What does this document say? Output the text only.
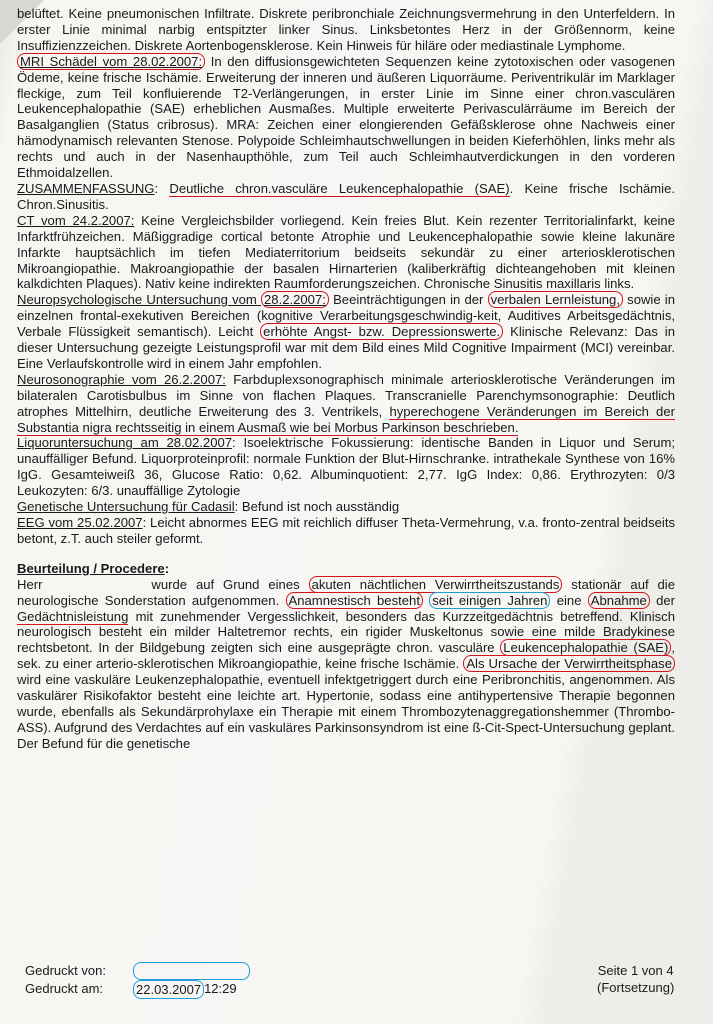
belüftet. Keine pneumonischen Infiltrate. Diskrete peribronchiale Zeichnungsvermehrung in den Unterfeldern. In erster Linie minimal narbig entspitzter linker Sinus. Linksbetontes Herz in der Größennorm, keine Insuffizienzzeichen. Diskrete Aortenbogensklerose. Kein Hinweis für hiläre oder mediastinale Lymphome.

MRI Schädel vom 28.02.2007: In den diffusionsgewichteten Sequenzen keine zytotoxischen oder vasogenen Ödeme, keine frische Ischämie. Erweiterung der inneren und äußeren Liquorräume. Periventrikulär im Marklager fleckige, zum Teil konfluierende T2-Verlängerungen, in erster Linie im Sinne einer chron.vasculären Leukencephalopathie (SAE) erheblichen Ausmaßes. Multiple erweiterte Perivasculärräume im Bereich der Basalganglien (Status cribrosus). MRA: Zeichen einer elongierenden Gefäßsklerose ohne Nachweis einer hämodynamisch relevanten Stenose. Polypoide Schleimhautschwellungen in beiden Kieferhöhlen, links mehr als rechts und auch in der Nasenhaupthöhle, zum Teil auch Schleimhautverdickungen in den vorderen Ethmoidalzellen.

ZUSAMMENFASSUNG: Deutliche chron.vasculäre Leukencephalopathie (SAE). Keine frische Ischämie. Chron.Sinusitis.

CT vom 24.2.2007: Keine Vergleichsbilder vorliegend. Kein freies Blut. Kein rezenter Territorialinfarkt, keine Infarktfrühzeichen. Mäßiggradige cortical betonte Atrophie und Leukencephalopathie sowie kleine lakunäre Infarkte hauptsächlich im tiefen Mediaterritorium beidseits sekundär zu einer arteriosklerotischen Mikroangiopathie. Makroangiopathie der basalen Hirnarterien (kaliberkräftig dichteangehoben mit kleinen kalkdichten Plaques). Nativ keine indirekten Raumforderungszeichen. Chronische Sinusitis maxillaris links.

Neuropsychologische Untersuchung vom 28.2.2007: Beeinträchtigungen in der verbalen Lernleistung, sowie in einzelnen frontal-exekutiven Bereichen (kognitive Verarbeitungsgeschwindig-keit, Auditives Arbeitsgedächtnis, Verbale Flüssigkeit semantisch). Leicht erhöhte Angst- bzw. Depressionswerte. Klinische Relevanz: Das in dieser Untersuchung gezeigte Leistungsprofil war mit dem Bild eines Mild Cognitive Impairment (MCI) vereinbar. Eine Verlaufskontrolle wird in einem Jahr empfohlen.

Neurosonographie vom 26.2.2007: Farbduplexsonographisch minimale arteriosklerotische Veränderungen im bilateralen Carotisbulbus im Sinne von flachen Plaques. Transcranielle Parenchymsonographie: Deutlich atrophes Mittelhirn, deutliche Erweiterung des 3. Ventrikels, hyperechogene Veränderungen im Bereich der Substantia nigra rechtsseitig in einem Ausmaß wie bei Morbus Parkinson beschrieben.

Liquoruntersuchung am 28.02.2007: Isoelektrische Fokussierung: identische Banden in Liquor und Serum; unauffälliger Befund. Liquorproteinprofil: normale Funktion der Blut-Hirnschranke. intrathekale Synthese von 16% IgG. Gesamteiweiß 36, Glucose Ratio: 0,62. Albuminquotient: 2,77. IgG Index: 0,86. Erythrozyten: 0/3 Leukozyten: 6/3. unauffällige Zytologie

Genetische Untersuchung für Cadasil: Befund ist noch ausständig

EEG vom 25.02.2007: Leicht abnormes EEG mit reichlich diffuser Theta-Vermehrung, v.a. fronto-zentral beidseits betont, z.T. auch steiler geformt.

Beurteilung / Procedere:

Herr	wurde auf Grund eines akuten nächtlichen Verwirrtheitszustands stationär auf die neurologische Sonderstation aufgenommen. Anamnestisch besteht seit einigen Jahren eine Abnahme der Gedächtnisleistung mit zunehmender Vergesslichkeit, besonders das Kurzzeitgedächtnis betreffend. Klinisch neurologisch besteht ein milder Haltetremor rechts, ein rigider Muskeltonus sowie eine milde Bradykinese rechtsbetont. In der Bildgebung zeigten sich eine ausgeprägte chron. vasculäre Leukencephalopathie (SAE) , sek. zu einer arterio-sklerotischen Mikroangiopathie, keine frische Ischämie. Als Ursache der Verwirrtheitsphase wird eine vaskuläre Leukenzephalopathie, eventuell infektgetriggert durch eine Peribronchitis, angenommen. Als vaskulärer Risikofaktor besteht eine leichte art. Hypertonie, sodass eine antihypertensive Therapie begonnen wurde, ebenfalls als Sekundärprohylaxe ein Therapie mit einem Thrombozytenaggregationshemmer (Thrombo-ASS). Aufgrund des Verdachtes auf ein vaskuläres Parkinsonsyndrom ist eine ß-Cit-Spect-Untersuchung geplant. Der Befund für die genetische

Gedruckt von:
Gedruckt am:	22.03.2007 12:29
Seite 1 von 4
(Fortsetzung)
